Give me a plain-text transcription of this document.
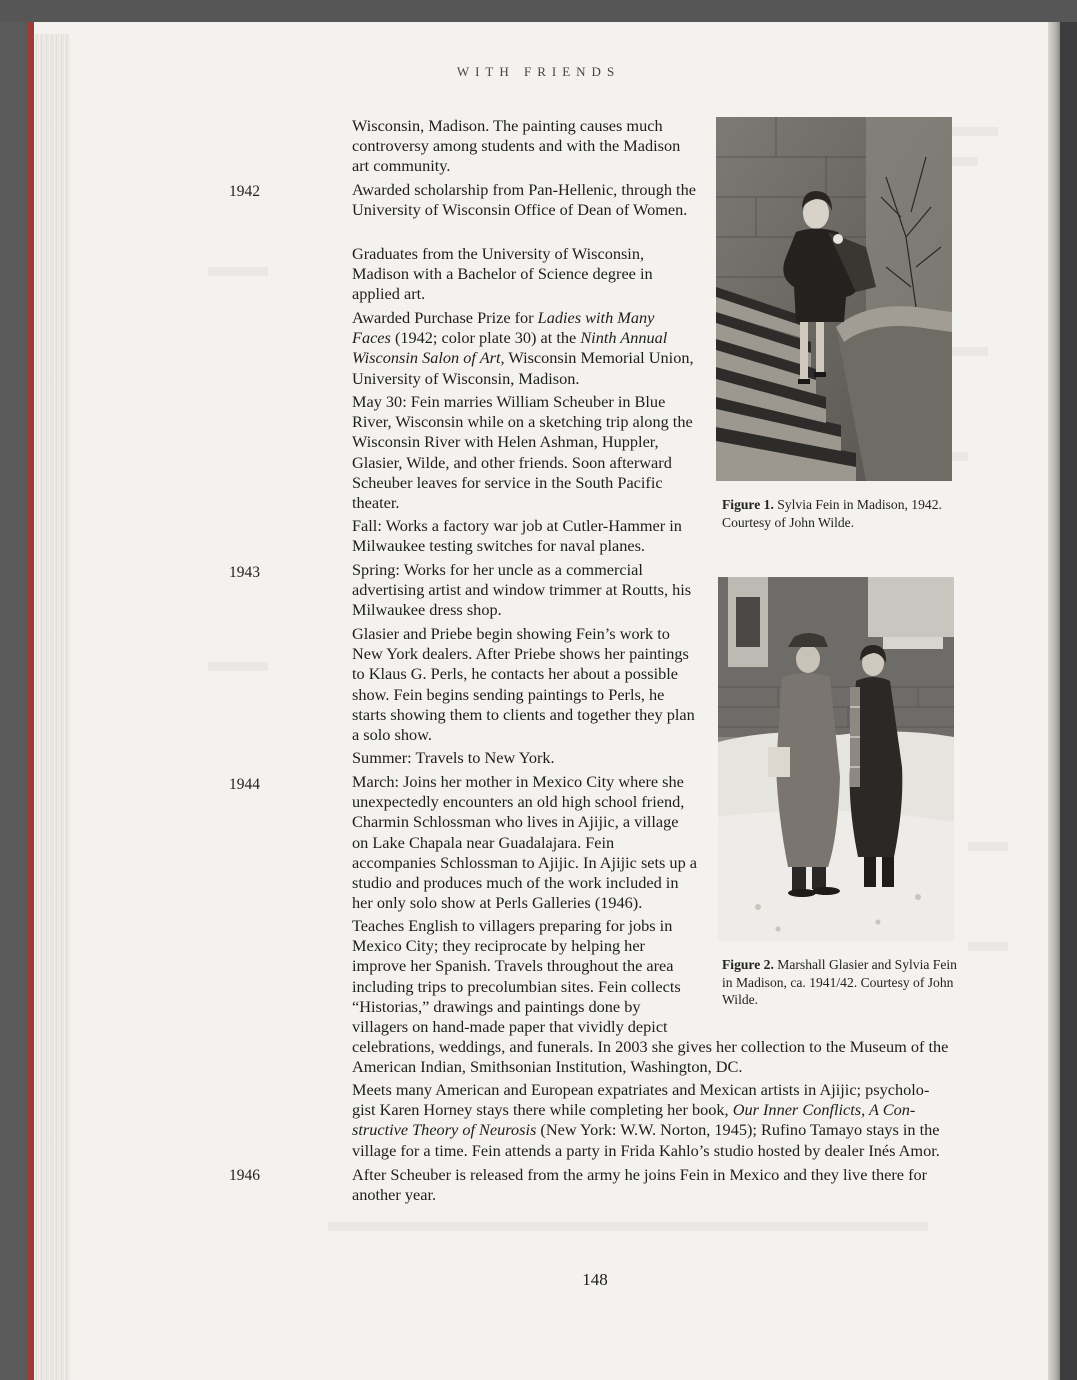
WITH FRIENDS
1942
1943
1944
1946

Wisconsin, Madison. The painting causes much controversy among students and with the Madison art community.

Awarded scholarship from Pan-Hellenic, through the University of Wisconsin Office of Dean of Women.

Graduates from the University of Wisconsin, Madison with a Bachelor of Science degree in applied art.

Awarded Purchase Prize for Ladies with Many Faces (1942; color plate 30) at the Ninth Annual Wisconsin Salon of Art, Wisconsin Memorial Union, University of Wisconsin, Madison.

May 30: Fein marries William Scheuber in Blue River, Wisconsin while on a sketching trip along the Wisconsin River with Helen Ashman, Huppler, Glasier, Wilde, and other friends. Soon afterward Scheuber leaves for service in the South Pacific theater.

Fall: Works a factory war job at Cutler-Hammer in Milwaukee testing switches for naval planes.

Spring: Works for her uncle as a commercial advertising artist and window trimmer at Routts, his Milwaukee dress shop.

Glasier and Priebe begin showing Fein’s work to New York dealers. After Priebe shows her paintings to Klaus G. Perls, he contacts her about a possible show. Fein begins sending paintings to Perls, he starts showing them to clients and together they plan a solo show.

Summer: Travels to New York.

March: Joins her mother in Mexico City where she unexpectedly encounters an old high school friend, Charmin Schlossman who lives in Ajijic, a village on Lake Chapala near Guadalajara. Fein accompanies Schlossman to Ajijic. In Ajijic sets up a studio and produces much of the work included in her only solo show at Perls Galleries (1946).

Teaches English to villagers preparing for jobs in
Mexico City; they reciprocate by helping her
improve her Spanish. Travels throughout the area
including trips to precolumbian sites. Fein collects
“Historias,” drawings and paintings done by
villagers on hand-made paper that vividly depict
celebrations, weddings, and funerals. In 2003 she gives her collection to the Museum of the American Indian, Smithsonian Institution, Washington, DC.

Meets many American and European expatriates and Mexican artists in Ajijic; psycholo-gist Karen Horney stays there while completing her book, Our Inner Conflicts, A Con-structive Theory of Neurosis (New York: W.W. Norton, 1945); Rufino Tamayo stays in the village for a time. Fein attends a party in Frida Kahlo’s studio hosted by dealer Inés Amor.

After Scheuber is released from the army he joins Fein in Mexico and they live there for another year.

Figure 1. Sylvia Fein in Madison, 1942. Courtesy of John Wilde.
Figure 2. Marshall Glasier and Sylvia Fein in Madison, ca. 1941/42. Courtesy of John Wilde.
148
